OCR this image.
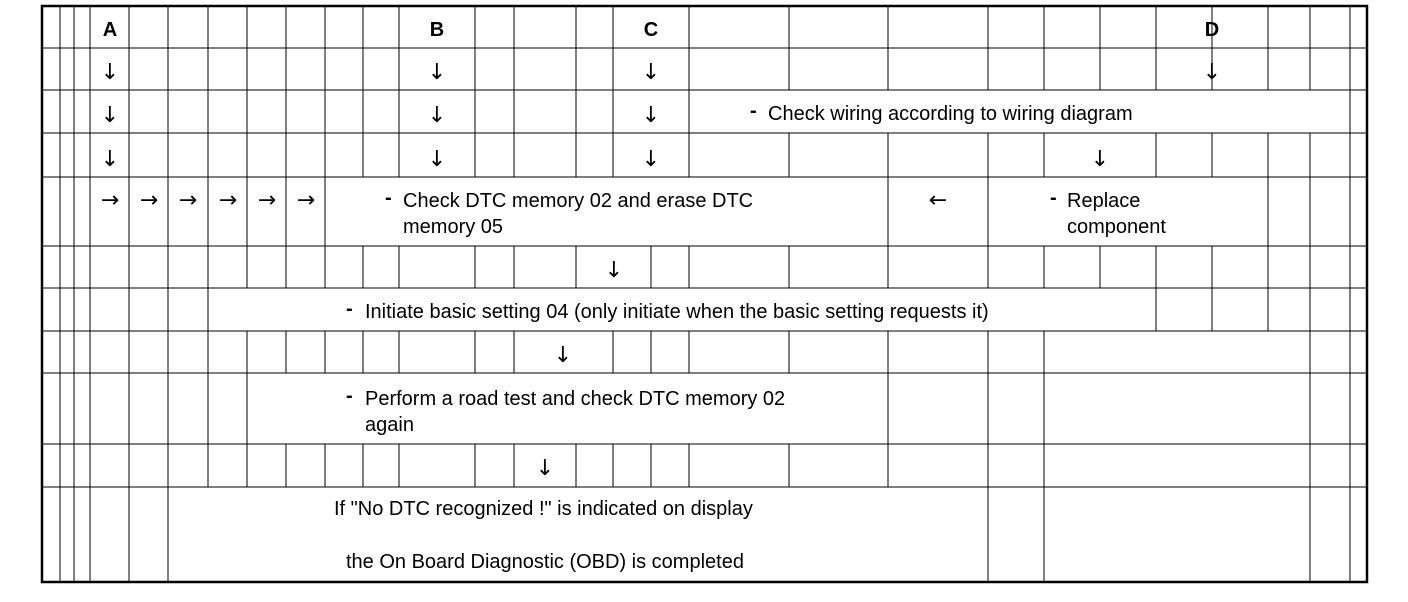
A	B	C	D
↓	↓	↓	↓
↓	↓	↓
↓	↓	↓	↓
↓
↓
↓
→ → → → → →	←
- Check wiring according to wiring diagram
- Check DTC memory 02 and erase DTC
memory 05
- Replace
component
- Initiate basic setting 04 (only initiate when the basic setting requests it)
- Perform a road test and check DTC memory 02
again
If "No DTC recognized !" is indicated on display
the On Board Diagnostic (OBD) is completed
